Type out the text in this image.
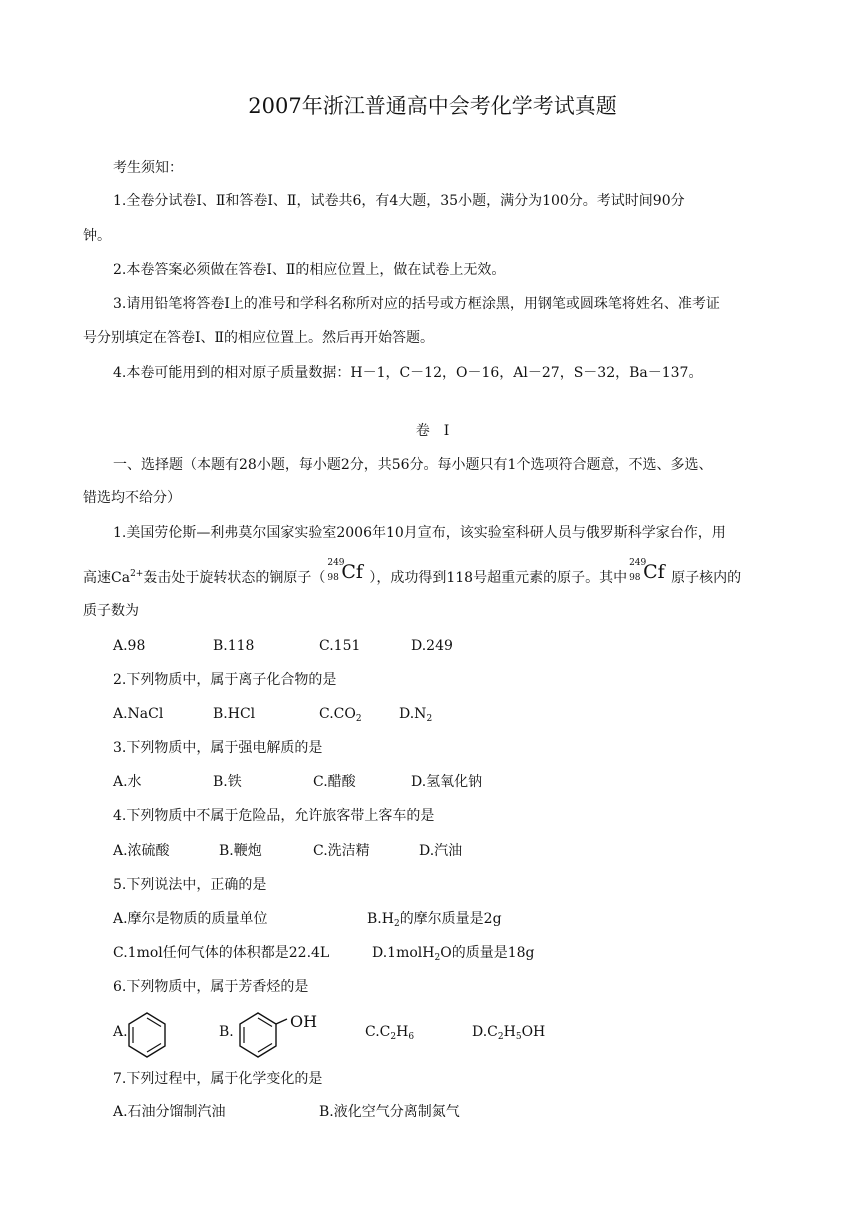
2007年浙江普通高中会考化学考试真题
考生须知：
1.全卷分试卷Ⅰ、Ⅱ和答卷Ⅰ、Ⅱ，试卷共6，有4大题，35小题，满分为100分。考试时间90分
钟。
2.本卷答案必须做在答卷Ⅰ、Ⅱ的相应位置上，做在试卷上无效。
3.请用铅笔将答卷Ⅰ上的准号和学科名称所对应的括号或方框涂黑，用钢笔或圆珠笔将姓名、准考证
号分别填定在答卷Ⅰ、Ⅱ的相应位置上。然后再开始答题。
4.本卷可能用到的相对原子质量数据：H－1，C－12，O－16，Al－27，S－32，Ba－137。
卷　Ⅰ
一、选择题（本题有28小题，每小题2分，共56分。每小题只有1个选项符合题意，不选、多选、
错选均不给分）
1.美国劳伦斯—利弗莫尔国家实验室2006年10月宣布，该实验室科研人员与俄罗斯科学家台作，用
高速$Ca^{2+}$轰击处于旋转状态的锎原子（
249
98 Cf ），成功得到118号超重元素的原子。其中
249
98 Cf 原子核内的
质子数为
A.98	B.118	C.151	D.249
2.下列物质中，属于离子化合物的是
A.NaCl	B.HCl	$C.CO_2$	$D.N_2$
3.下列物质中，属于强电解质的是
A.水	B.铁	C.醋酸	D.氢氧化钠
4.下列物质中不属于危险品，允许旅客带上客车的是
A.浓硫酸	B.鞭炮	C.洗洁精	D.汽油
5.下列说法中，正确的是
A.摩尔是物质的质量单位	$B.H_2$的摩尔质量是2g
C.1mol任何气体的体积都是22.4L	D.1molH$_2$O的质量是18g
6.下列物质中，属于芳香烃的是
A.	B.
OH
$C.C_2H_6$	$D.C_2H_5OH$
7.下列过程中，属于化学变化的是
A.石油分馏制汽油	B.液化空气分离制氮气
